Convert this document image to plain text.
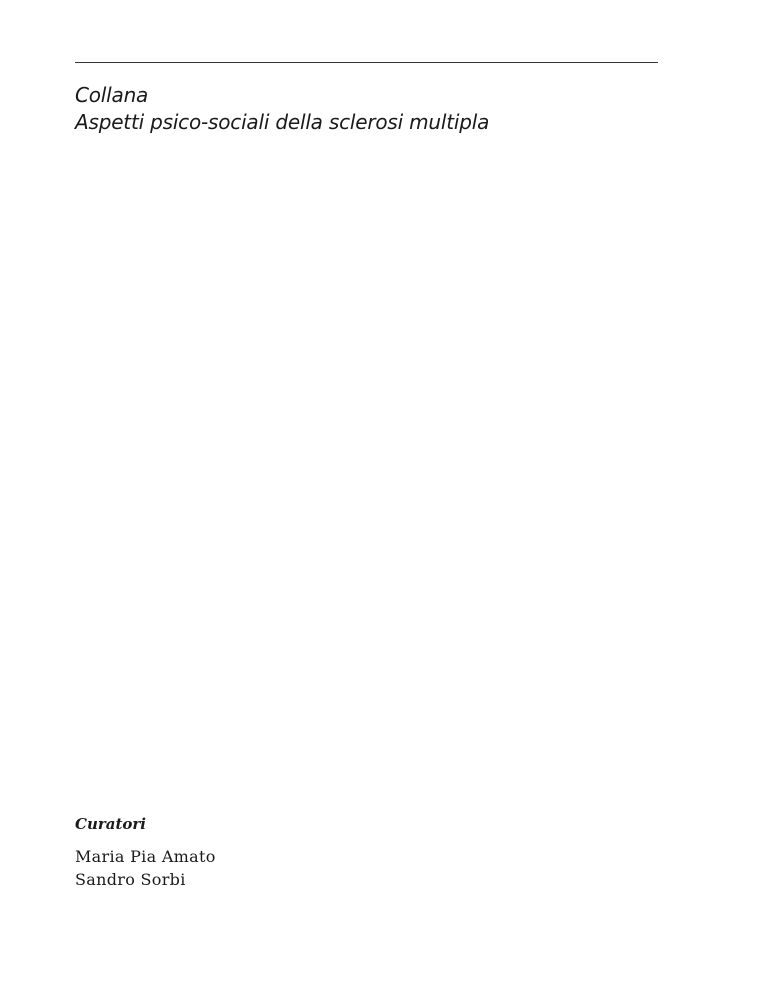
Collana
Aspetti psico-sociali della sclerosi multipla
Curatori
Maria Pia Amato
Sandro Sorbi
